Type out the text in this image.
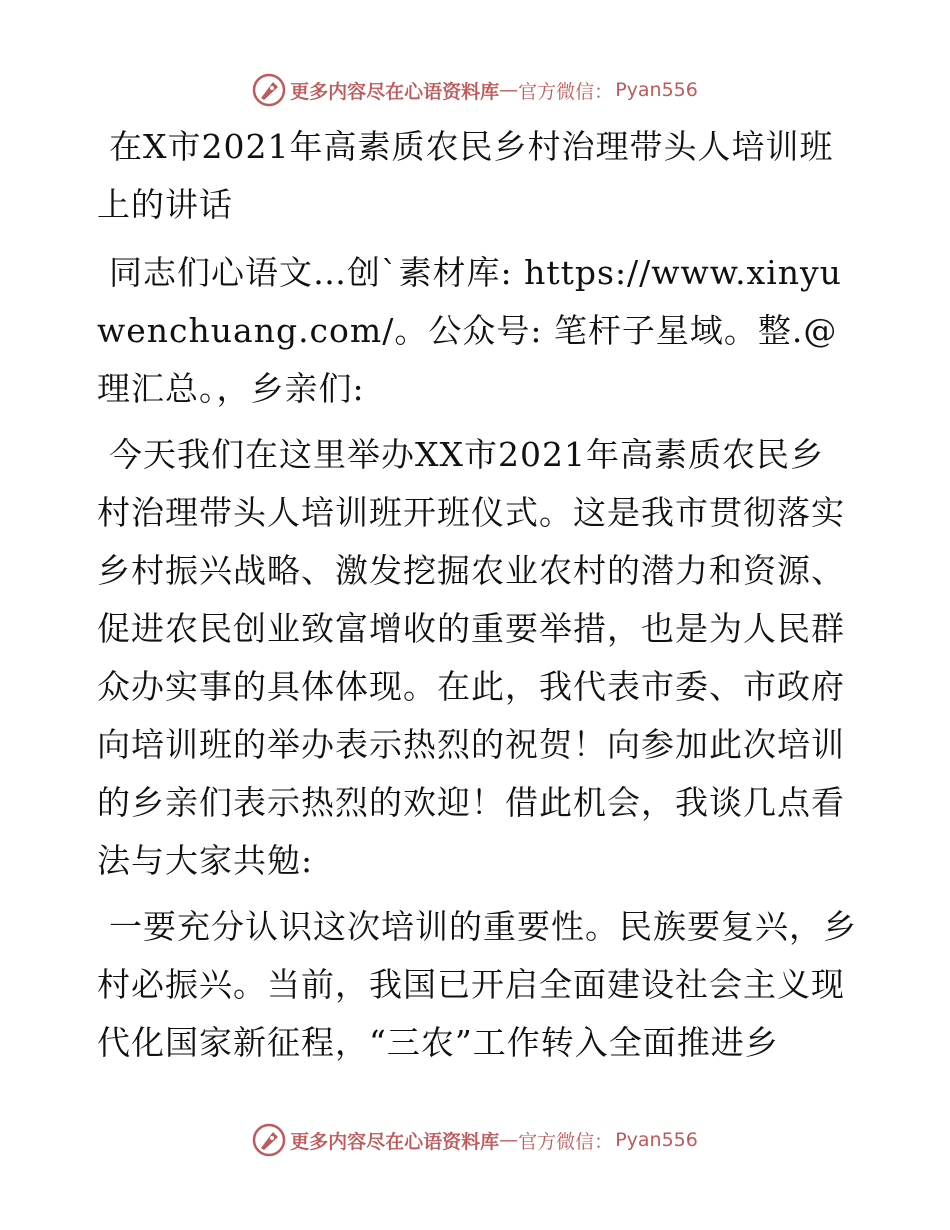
更多内容尽在心语资料库 — 官方微信： Pyan556

在X市2021年高素质农民乡村治理带头人培训班上的讲话

同志们心语文…创`素材库: https://www.xinyuwenchuang.com/。公众号: 笔杆子星域。整.@理汇总。，乡亲们:

今天我们在这里举办XX市2021年高素质农民乡村治理带头人培训班开班仪式。这是我市贯彻落实乡村振兴战略、激发挖掘农业农村的潜力和资源、促进农民创业致富增收的重要举措，也是为人民群众办实事的具体体现。在此，我代表市委、市政府向培训班的举办表示热烈的祝贺！向参加此次培训的乡亲们表示热烈的欢迎！借此机会，我谈几点看法与大家共勉:

一要充分认识这次培训的重要性。民族要复兴，乡村必振兴。当前，我国已开启全面建设社会主义现代化国家新征程，“三农”工作转入全面推进乡

更多内容尽在心语资料库 — 官方微信： Pyan556
